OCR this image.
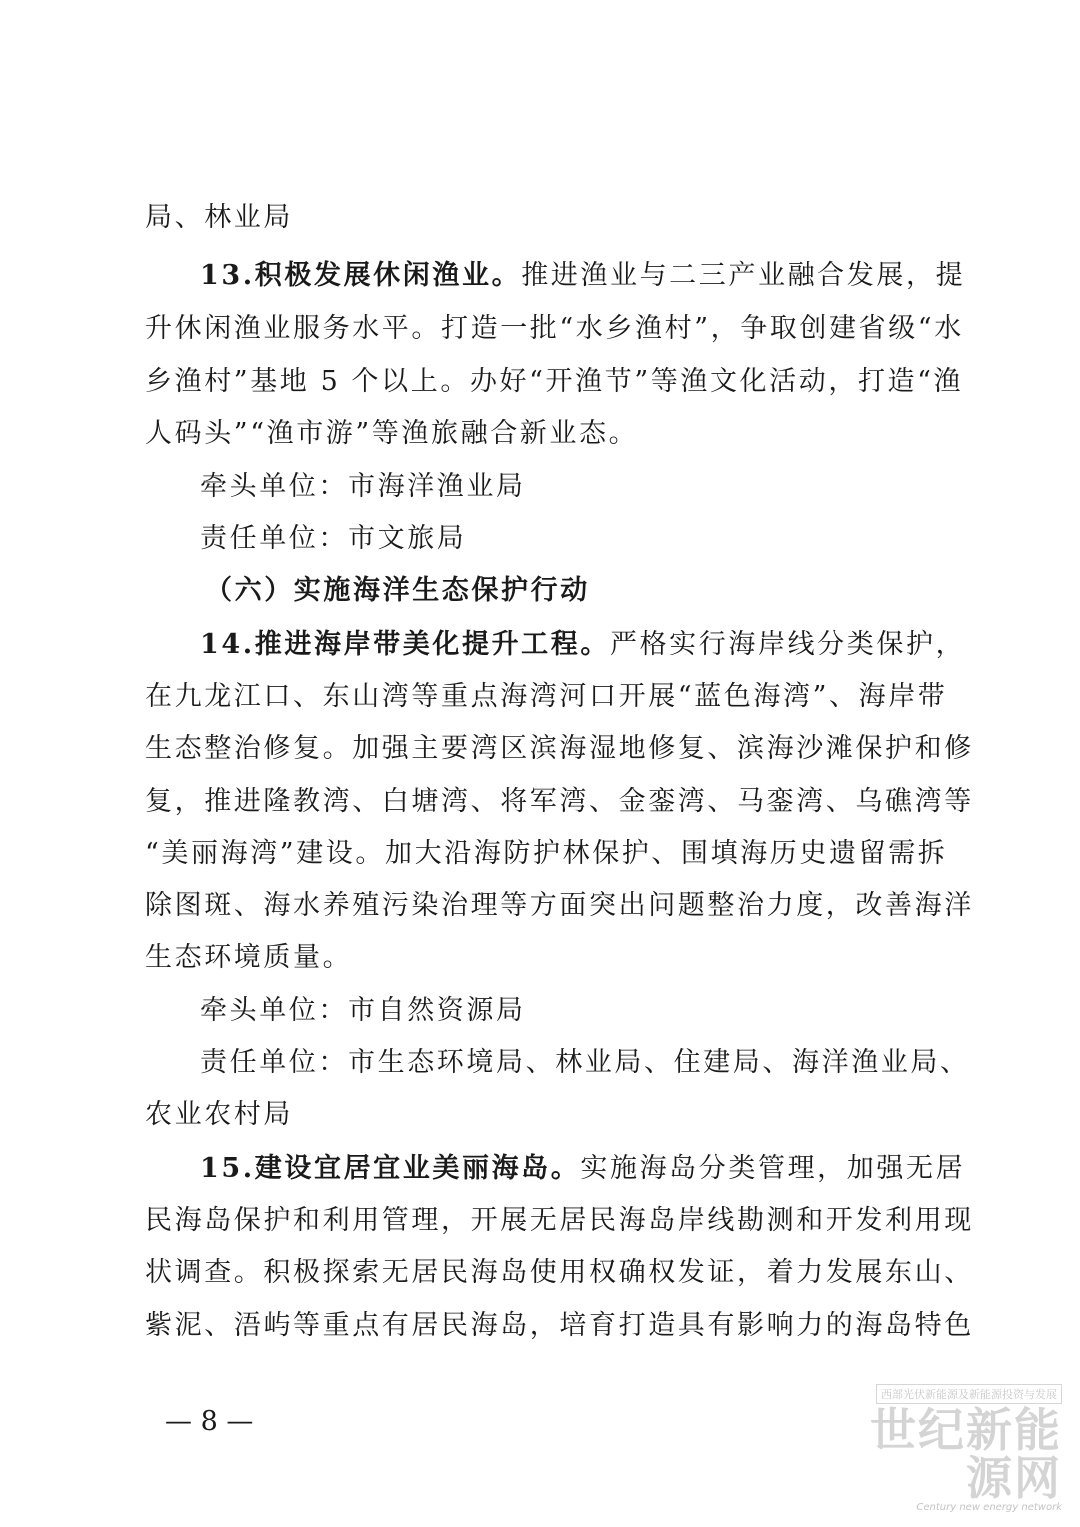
局、林业局
13.积极发展休闲渔业。推进渔业与二三产业融合发展，提
升休闲渔业服务水平。打造一批“水乡渔村”，争取创建省级“水
乡渔村”基地 5 个以上。办好“开渔节”等渔文化活动，打造“渔
人码头”“渔市游”等渔旅融合新业态。
牵头单位：市海洋渔业局
责任单位：市文旅局
（六）实施海洋生态保护行动
14.推进海岸带美化提升工程。严格实行海岸线分类保护，
在九龙江口、东山湾等重点海湾河口开展“蓝色海湾”、海岸带
生态整治修复。加强主要湾区滨海湿地修复、滨海沙滩保护和修
复，推进隆教湾、白塘湾、将军湾、金銮湾、马銮湾、乌礁湾等
“美丽海湾”建设。加大沿海防护林保护、围填海历史遗留需拆
除图斑、海水养殖污染治理等方面突出问题整治力度，改善海洋
生态环境质量。
牵头单位：市自然资源局
责任单位：市生态环境局、林业局、住建局、海洋渔业局、
农业农村局
15.建设宜居宜业美丽海岛。实施海岛分类管理，加强无居
民海岛保护和利用管理，开展无居民海岛岸线勘测和开发利用现
状调查。积极探索无居民海岛使用权确权发证，着力发展东山、
紫泥、浯屿等重点有居民海岛，培育打造具有影响力的海岛特色
— 8 —
西部光伏新能源及新能源投资与发展
世纪新能源网
Century new energy network
